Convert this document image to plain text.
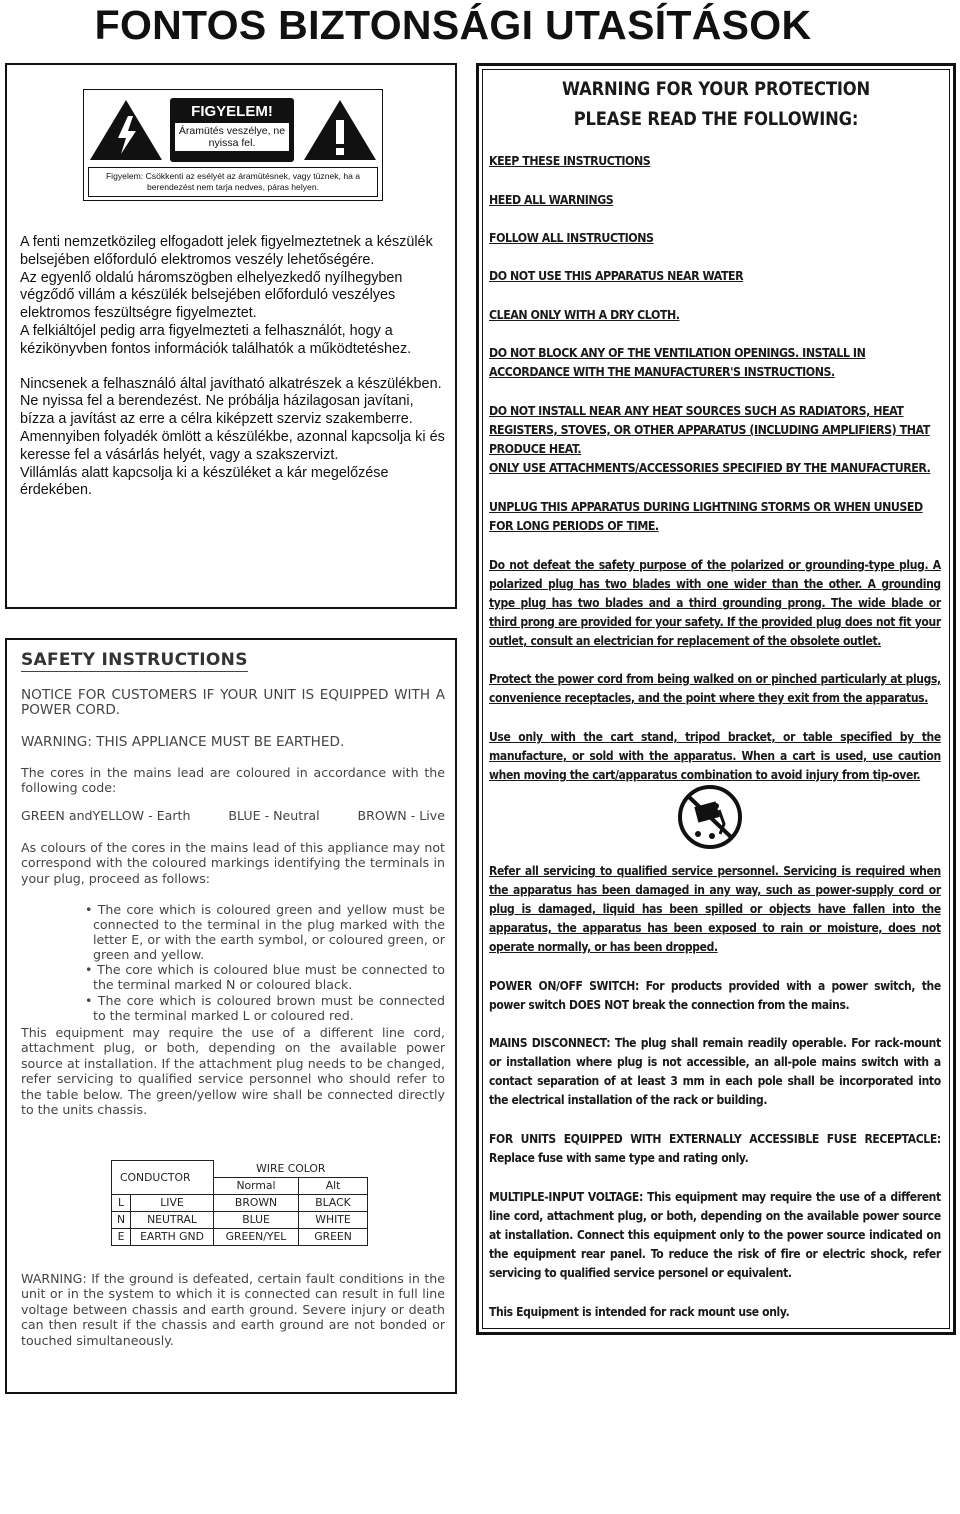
FONTOS BIZTONSÁGI UTASÍTÁSOK
FIGYELEM!
Áramütés veszélye, ne nyissa fel.
Figyelem: Csökkenti az esélyét az áramütésnek, vagy tüznek, ha a berendezést nem tarja nedves, páras helyen.

A fenti nemzetközileg elfogadott jelek figyelmeztetnek a készülék belsejében előforduló elektromos veszély lehetőségére.

Az egyenlő oldalú háromszögben elhelyezkedő nyílhegyben végződő villám a készülék belsejében előforduló veszélyes elektromos feszültségre figyelmeztet.

A felkiáltójel pedig arra figyelmezteti a felhasználót, hogy a kézikönyvben fontos információk találhatók a működtetéshez.

Nincsenek a felhasználó által javítható alkatrészek a készülékben. Ne nyissa fel a berendezést. Ne próbálja házilagosan javítani, bízza a javítást az erre a célra kiképzett szerviz szakemberre. Amennyiben folyadék ömlött a készülékbe, azonnal kapcsolja ki és keresse fel a vásárlás helyét, vagy a szakszervizt.

Villámlás alatt kapcsolja ki a készüléket a kár megelőzése érdekében.

SAFETY INSTRUCTIONS
NOTICE FOR CUSTOMERS IF YOUR UNIT IS EQUIPPED WITH A POWER CORD.
WARNING: THIS APPLIANCE MUST BE EARTHED.
The cores in the mains lead are coloured in accordance with the following code:
GREEN andYELLOW - Earth	BLUE - Neutral	BROWN - Live
As colours of the cores in the mains lead of this appliance may not correspond with the coloured markings identifying the terminals in your plug, proceed as follows:
• The core which is coloured green and yellow must be connected to the terminal in the plug marked with the letter E, or with the earth symbol, or coloured green, or green and yellow.
• The core which is coloured blue must be connected to the terminal marked N or coloured black.
• The core which is coloured brown must be connected to the terminal marked L or coloured red.
This equipment may require the use of a different line cord, attachment plug, or both, depending on the available power source at installation. If the attachment plug needs to be changed, refer servicing to qualified service personnel who should refer to the table below. The green/yellow wire shall be connected directly to the units chassis.
CONDUCTOR		WIRE COLOR	
		Normal	Alt
L	LIVE	BROWN	BLACK
N	NEUTRAL	BLUE	WHITE
E	EARTH GND	GREEN/YEL	GREEN
WARNING: If the ground is defeated, certain fault conditions in the unit or in the system to which it is connected can result in full line voltage between chassis and earth ground. Severe injury or death can then result if the chassis and earth ground are not bonded or touched simultaneously.
WARNING FOR YOUR PROTECTION
PLEASE READ THE FOLLOWING:
KEEP THESE INSTRUCTIONS
HEED ALL WARNINGS
FOLLOW ALL INSTRUCTIONS
DO NOT USE THIS APPARATUS NEAR WATER
CLEAN ONLY WITH A DRY CLOTH.
DO NOT BLOCK ANY OF THE VENTILATION OPENINGS. INSTALL IN ACCORDANCE WITH THE MANUFACTURER'S INSTRUCTIONS.
DO NOT INSTALL NEAR ANY HEAT SOURCES SUCH AS RADIATORS, HEAT REGISTERS, STOVES, OR OTHER APPARATUS (INCLUDING AMPLIFIERS) THAT PRODUCE HEAT.
ONLY USE ATTACHMENTS/ACCESSORIES SPECIFIED BY THE MANUFACTURER.
UNPLUG THIS APPARATUS DURING LIGHTNING STORMS OR WHEN UNUSED FOR LONG PERIODS OF TIME.
Do not defeat the safety purpose of the polarized or grounding-type plug. A polarized plug has two blades with one wider than the other. A grounding type plug has two blades and a third grounding prong. The wide blade or third prong are provided for your safety. If the provided plug does not fit your outlet, consult an electrician for replacement of the obsolete outlet.
Protect the power cord from being walked on or pinched particularly at plugs, convenience receptacles, and the point where they exit from the apparatus.
Use only with the cart stand, tripod bracket, or table specified by the manufacture, or sold with the apparatus. When a cart is used, use caution when moving the cart/apparatus combination to avoid injury from tip-over.
Refer all servicing to qualified service personnel. Servicing is required when the apparatus has been damaged in any way, such as power-supply cord or plug is damaged, liquid has been spilled or objects have fallen into the apparatus, the apparatus has been exposed to rain or moisture, does not operate normally, or has been dropped.
POWER ON/OFF SWITCH: For products provided with a power switch, the power switch DOES NOT break the connection from the mains.
MAINS DISCONNECT: The plug shall remain readily operable. For rack-mount or installation where plug is not accessible, an all-pole mains switch with a contact separation of at least 3 mm in each pole shall be incorporated into the electrical installation of the rack or building.
FOR UNITS EQUIPPED WITH EXTERNALLY ACCESSIBLE FUSE RECEPTACLE: Replace fuse with same type and rating only.
MULTIPLE-INPUT VOLTAGE: This equipment may require the use of a different line cord, attachment plug, or both, depending on the available power source at installation. Connect this equipment only to the power source indicated on the equipment rear panel. To reduce the risk of fire or electric shock, refer servicing to qualified service personel or equivalent.
This Equipment is intended for rack mount use only.
